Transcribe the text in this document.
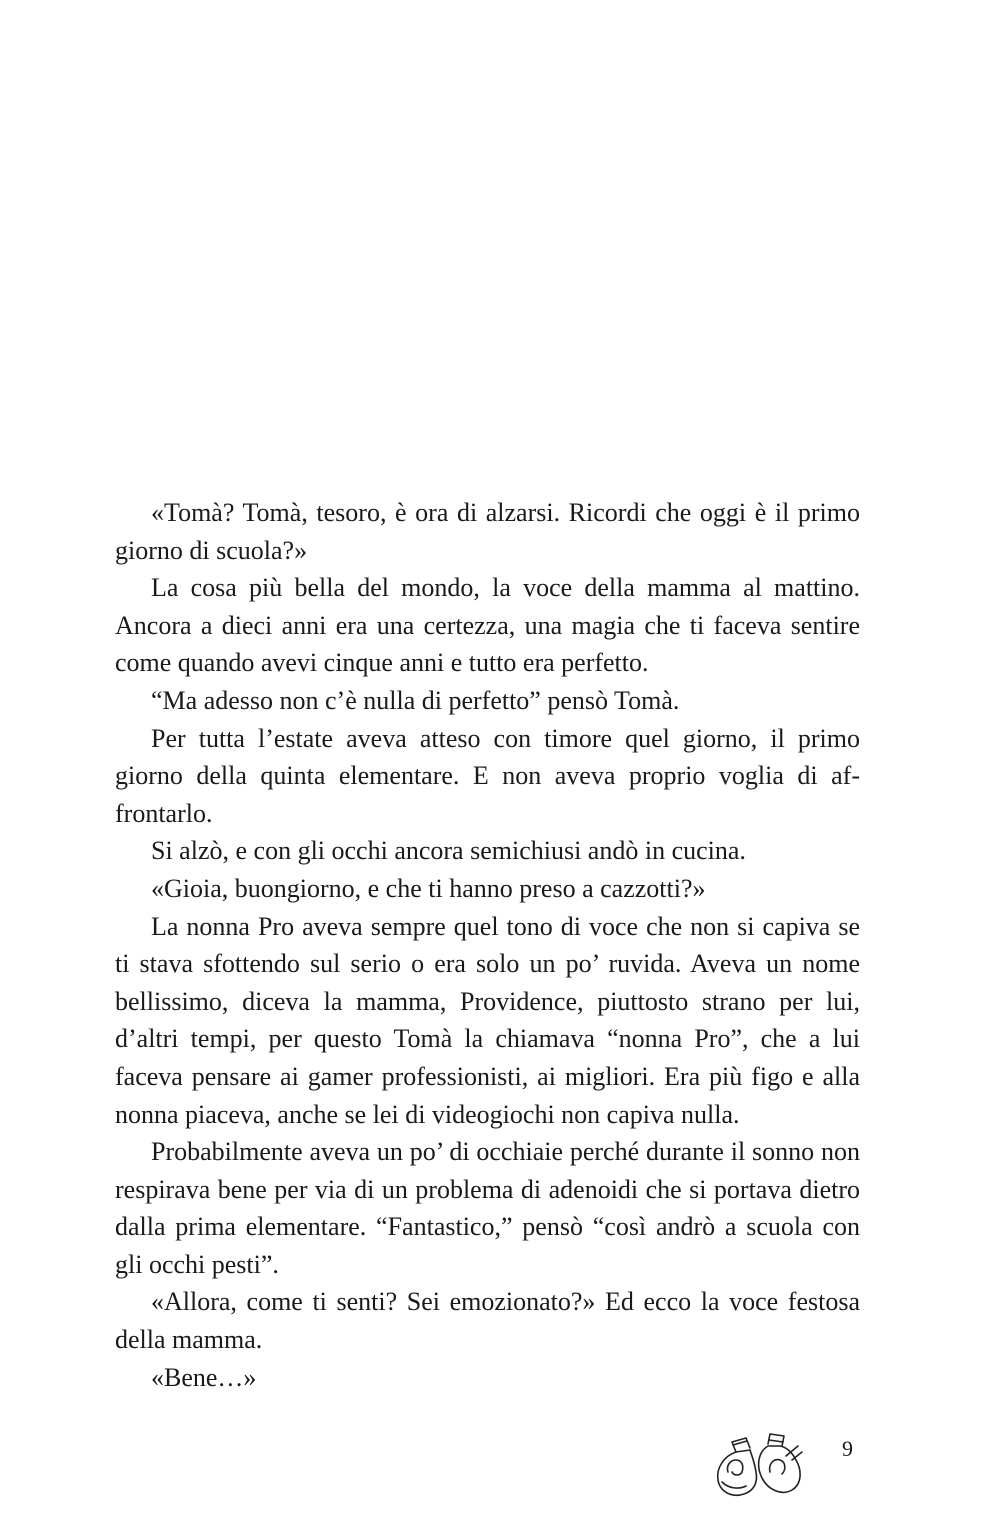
«Tomà? Tomà, tesoro, è ora di alzarsi. Ricordi che oggi è il primo giorno di scuola?»

La cosa più bella del mondo, la voce della mamma al mattino. Ancora a dieci anni era una certezza, una magia che ti faceva sentire come quando avevi cinque anni e tutto era perfetto.

“Ma adesso non c’è nulla di perfetto” pensò Tomà.

Per tutta l’estate aveva atteso con timore quel giorno, il primo giorno della quinta elementare. E non aveva proprio voglia di affrontarlo.

Si alzò, e con gli occhi ancora semichiusi andò in cucina.

«Gioia, buongiorno, e che ti hanno preso a cazzotti?»

La nonna Pro aveva sempre quel tono di voce che non si capiva se ti stava sfottendo sul serio o era solo un po’ ruvida. Aveva un nome bellissimo, diceva la mamma, Providence, piuttosto strano per lui, d’altri tempi, per questo Tomà la chiamava “nonna Pro”, che a lui faceva pensare ai gamer professionisti, ai migliori. Era più figo e alla nonna piaceva, anche se lei di videogiochi non capiva nulla.

Probabilmente aveva un po’ di occhiaie perché durante il sonno non respirava bene per via di un problema di adenoidi che si portava dietro dalla prima elementare. “Fantastico,” pensò “così andrò a scuola con gli occhi pesti”.

«Allora, come ti senti? Sei emozionato?» Ed ecco la voce festosa della mamma.

«Bene…»

9
